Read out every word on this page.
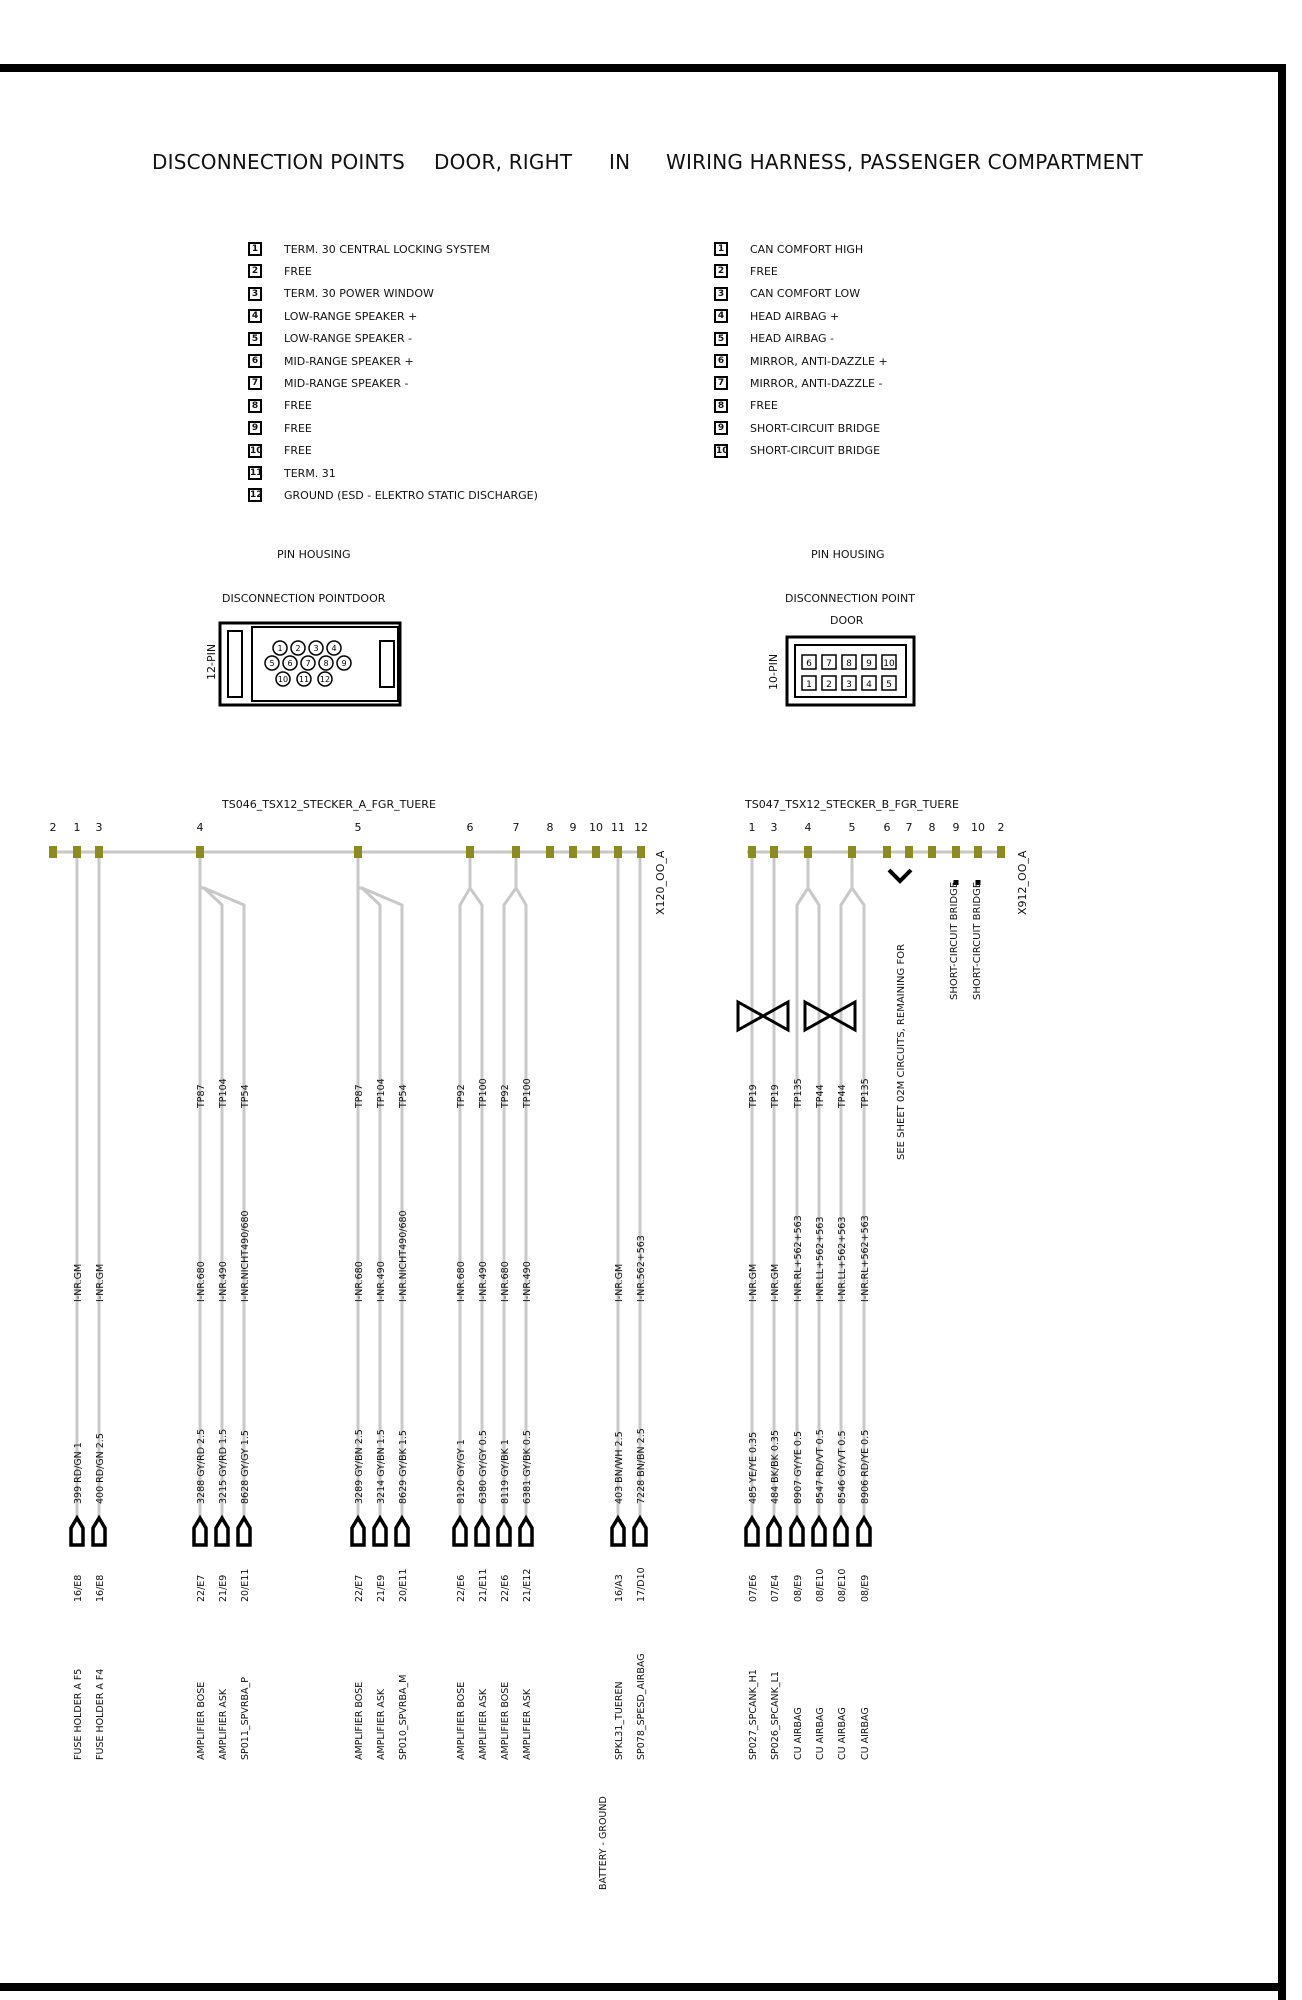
DISCONNECTION POINTS DOOR, RIGHT IN WIRING HARNESS, PASSENGER COMPARTMENT
1	TERM. 30 CENTRAL LOCKING SYSTEM
2	FREE
3	TERM. 30 POWER WINDOW
4	LOW-RANGE SPEAKER +
5	LOW-RANGE SPEAKER -
6	MID-RANGE SPEAKER +
7	MID-RANGE SPEAKER -
8	FREE
9	FREE
10 FREE
11 TERM. 31
12 GROUND (ESD - ELEKTRO STATIC DISCHARGE)
1	CAN COMFORT HIGH
2	FREE
3	CAN COMFORT LOW
4	HEAD AIRBAG +
5	HEAD AIRBAG -
6	MIRROR, ANTI-DAZZLE +
7	MIRROR, ANTI-DAZZLE -
8	FREE
9	SHORT-CIRCUIT BRIDGE
10 SHORT-CIRCUIT BRIDGE
PIN HOUSING
DISCONNECTION POINTDOOR
PIN HOUSING
DISCONNECTION POINT
DOOR
1 2 3 4
5 6 7 8 9
10 11 12
12-PIN	6 7 8 9 10
1 2 3 4 5
10-PIN
TS046_TSX12_STECKER_A_FGR_TUERE	TS047_TSX12_STECKER_B_FGR_TUERE
X120_OO_A	X912_OO_A
2 1 3	4	5	6	7 8 9 10 11 12	1 3 4	5	6 7 8 9 10 2
I-NR.GM
399 RD/GN 1
16/E8
FUSE HOLDER A F5
I-NR.GM
400 RD/GN 2.5
16/E8
FUSE HOLDER A F4
TP87
I-NR.680
3288 GY/RD 2.5
22/E7
AMPLIFIER BOSE
TP104
I-NR.490
3215 GY/RD 1.5
21/E9
AMPLIFIER ASK
TP54
I-NR.NICHT490/680
8628 GY/GY 1.5
20/E11
SP011_SPVRBA_P
TP87
I-NR.680
3289 GY/BN 2.5
22/E7
AMPLIFIER BOSE
TP104
I-NR.490
3214 GY/BN 1.5
21/E9
AMPLIFIER ASK
TP54
I-NR.NICHT490/680
8629 GY/BK 1.5
20/E11
SP010_SPVRBA_M
TP92
I-NR.680
8120 GY/GY 1
22/E6
AMPLIFIER BOSE
TP100
I-NR.490
6380 GY/GY 0.5
21/E11
AMPLIFIER ASK
TP92
I-NR.680
8119 GY/BK 1
22/E6
AMPLIFIER BOSE
TP100
I-NR.490
6381 GY/BK 0.5
21/E12
AMPLIFIER ASK
I-NR.GM
403 BN/WH 2.5
16/A3
SPKL31_TUEREN
BATTERY - GROUND
I-NR.562+563
7228 BN/BN 2.5
17/D10
SP078_SPESD_AIRBAG
TP19
I-NR.GM
485 YE/YE 0.35
07/E6
SP027_SPCANK_H1
TP19
I-NR.GM
484 BK/BK 0.35
07/E4
SP026_SPCANK_L1
TP135
I-NR.RL+562+563
8907 GY/YE 0.5
08/E9
CU AIRBAG
TP44
I-NR.LL+562+563
8547 RD/VT 0.5
08/E10
CU AIRBAG
TP44
I-NR.LL+562+563
8546 GY/VT 0.5
08/E10
CU AIRBAG
TP135
I-NR.RL+562+563
8906 RD/YE 0.5
08/E9
CU AIRBAG
SEE SHEET 02M CIRCUITS, REMAINING FOR
SHORT-CIRCUIT BRIDGE SHORT-CIRCUIT BRIDGE
